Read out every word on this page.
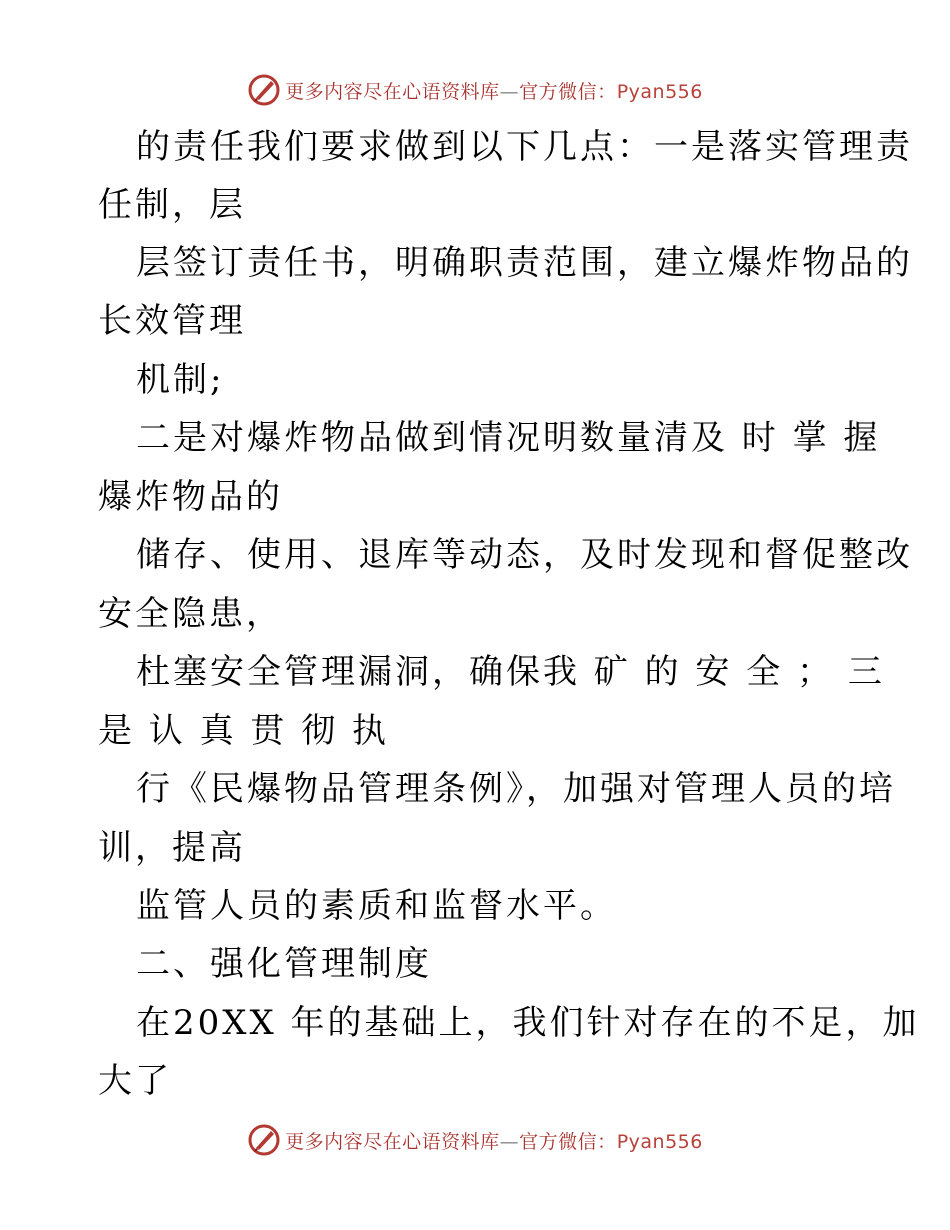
更多内容尽在心语资料库—官方微信：Pyan556
的责任我们要求做到以下几点：一是落实管理责
任制，层
层签订责任书，明确职责范围，建立爆炸物品的
长效管理
机制;
二是对爆炸物品做到情况明数量清及 时 掌 握
爆炸物品的
储存、使用、退库等动态，及时发现和督促整改
安全隐患，
杜塞安全管理漏洞，确保我 矿 的 安 全 ； 三
是 认 真 贯 彻 执
行《民爆物品管理条例》，加强对管理人员的培
训，提高
监管人员的素质和监督水平。
二、强化管理制度
在20XX 年的基础上，我们针对存在的不足，加
大了
更多内容尽在心语资料库—官方微信：Pyan556
